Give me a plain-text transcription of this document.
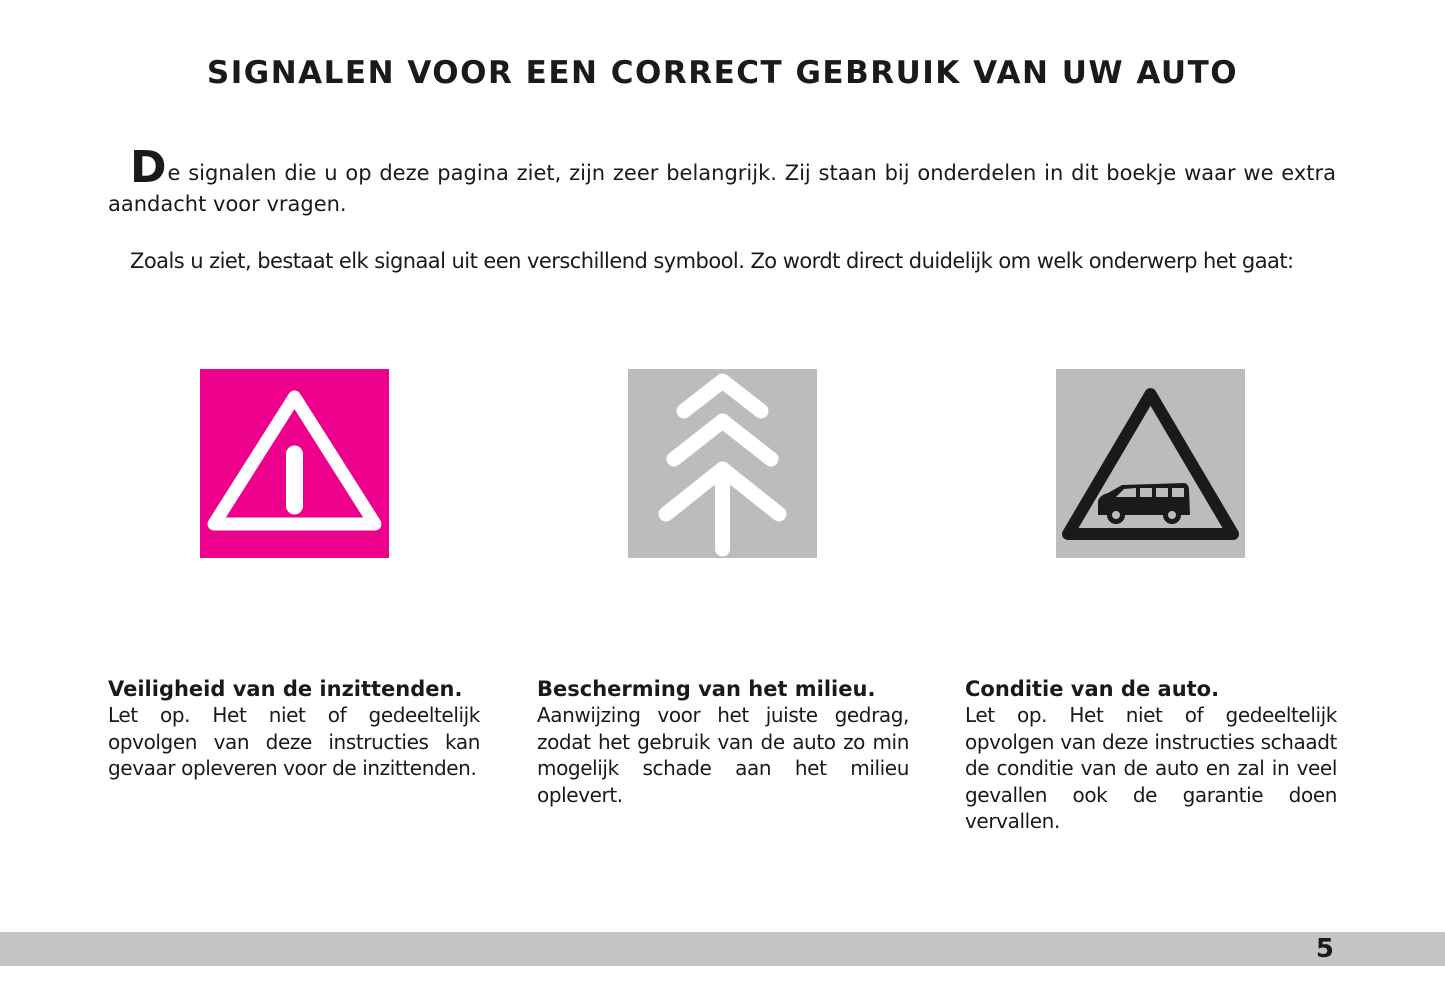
SIGNALEN VOOR EEN CORRECT GEBRUIK VAN UW AUTO

De signalen die u op deze pagina ziet, zijn zeer belangrijk. Zij staan bij onderdelen in dit boekje waar we extra aandacht voor vragen.

Zoals u ziet, bestaat elk signaal uit een verschillend symbool. Zo wordt direct duidelijk om welk onderwerp het gaat:

Veiligheid van de inzittenden.

Let op. Het niet of gedeeltelijk opvolgen van deze instructies kan gevaar opleveren voor de inzittenden.

Bescherming van het milieu.

Aanwijzing voor het juiste gedrag, zodat het gebruik van de auto zo min mogelijk schade aan het milieu oplevert.

Conditie van de auto.

Let op. Het niet of gedeeltelijk opvolgen van deze instructies schaadt de conditie van de auto en zal in veel gevallen ook de garantie doen vervallen.

5
